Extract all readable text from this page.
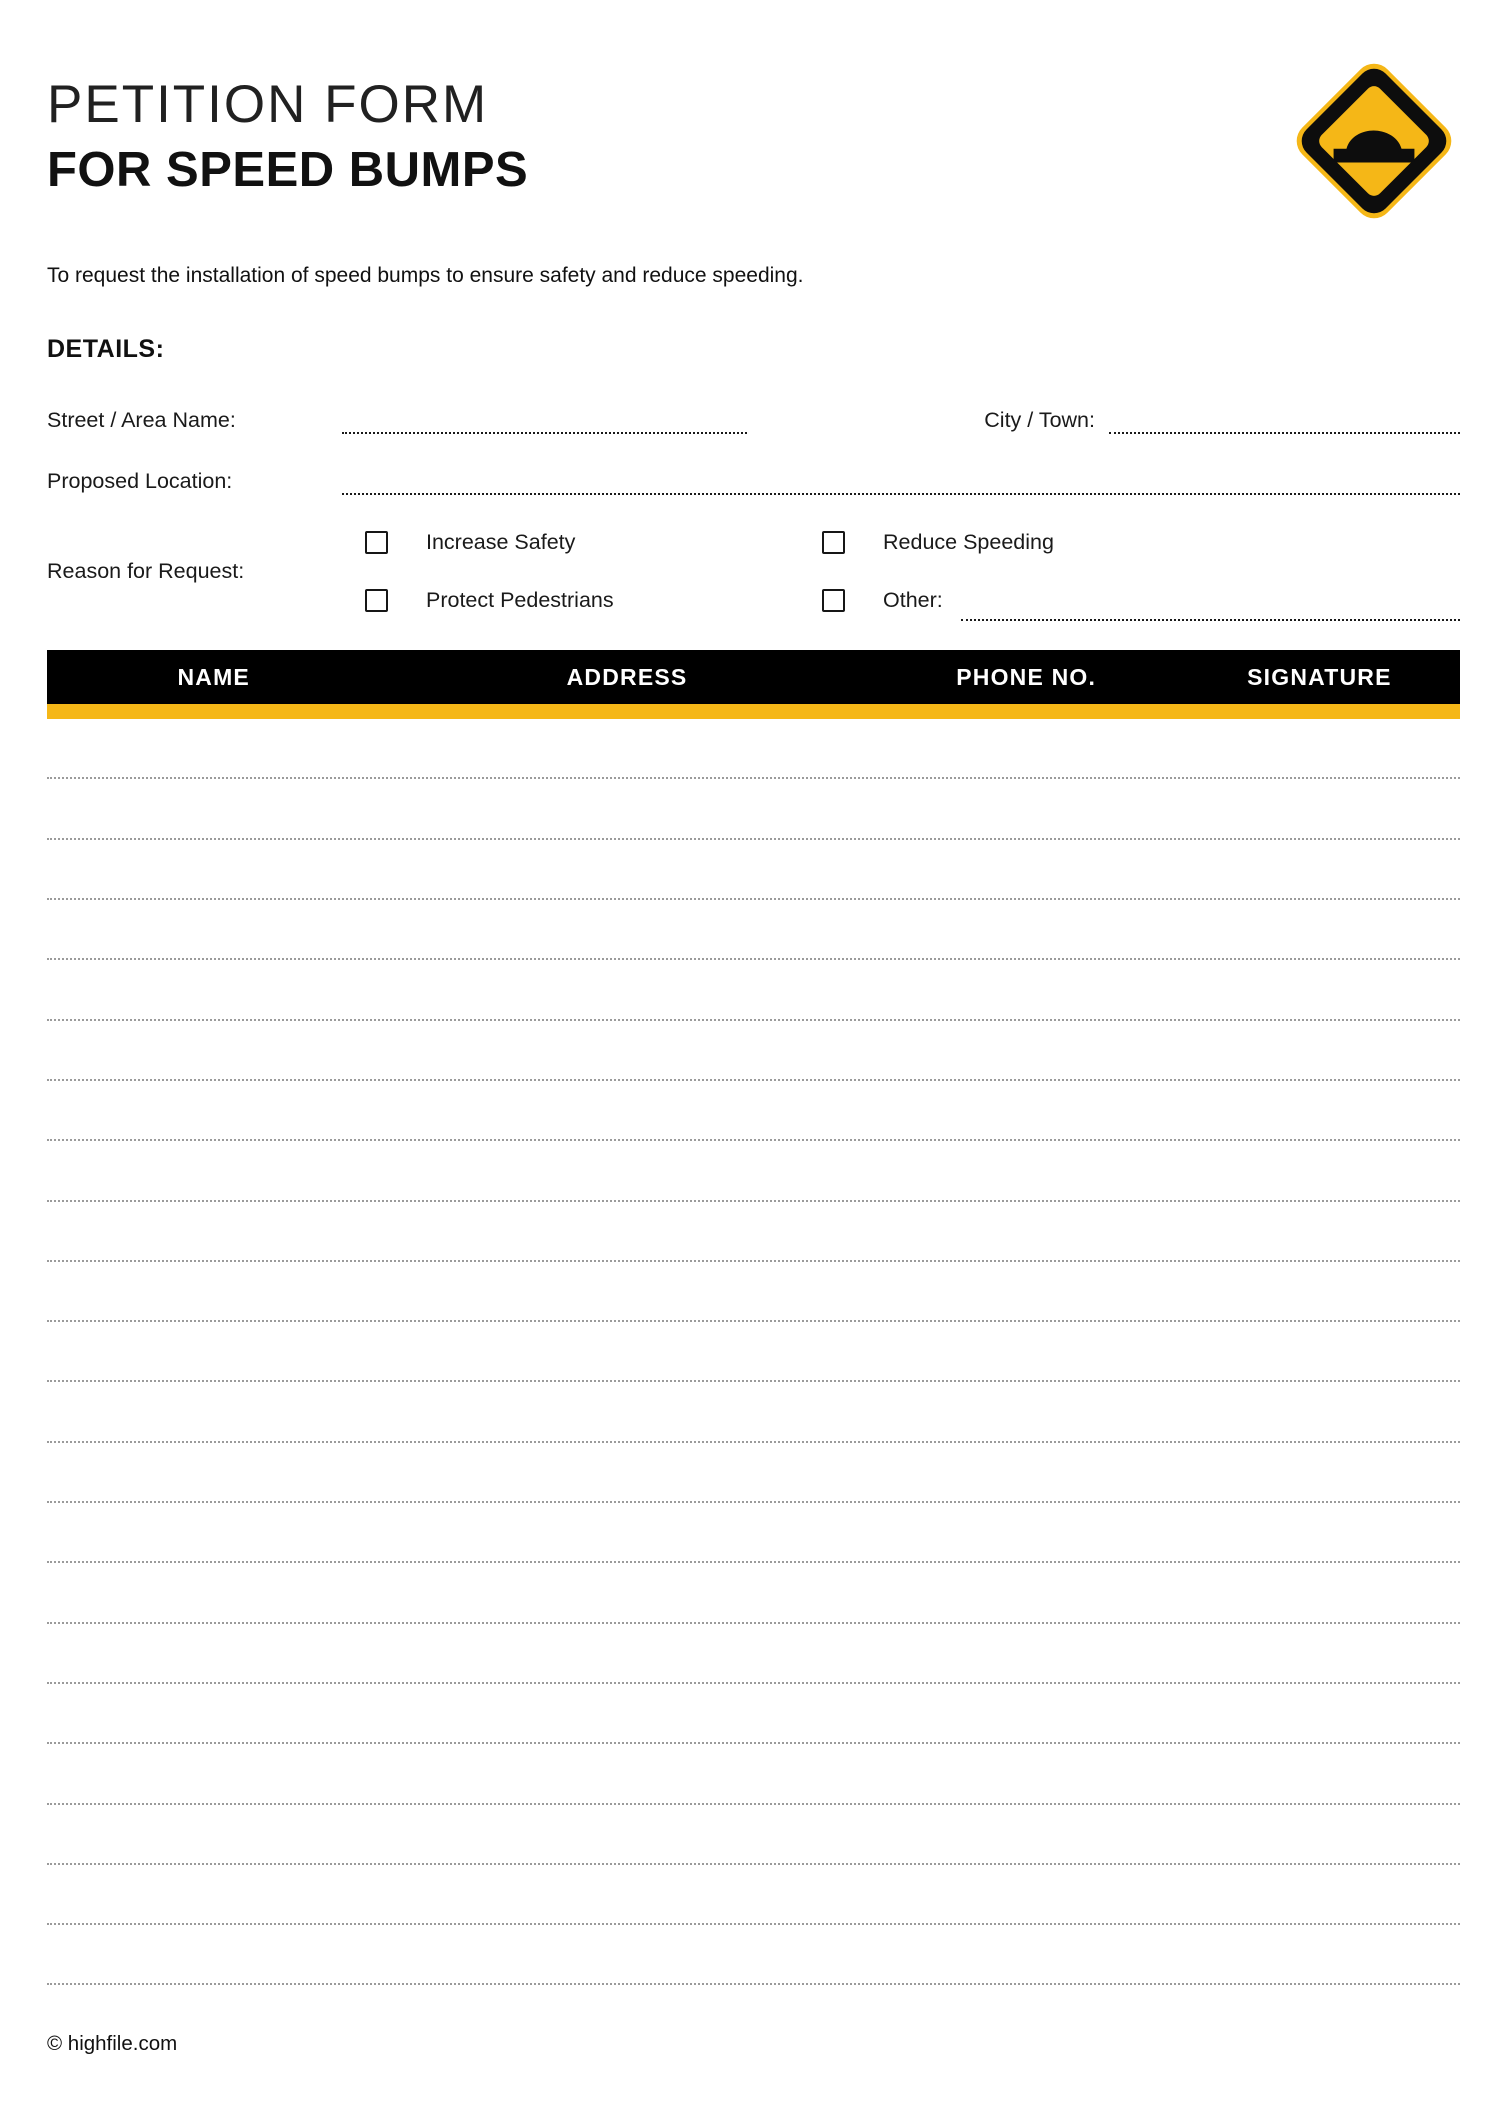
PETITION FORM
FOR SPEED BUMPS
To request the installation of speed bumps to ensure safety and reduce speeding.
DETAILS:
Street / Area Name:	City / Town:
Proposed Location:
Reason for Request:
Increase Safety	Reduce Speeding
Protect Pedestrians	Other:
NAME	ADDRESS	PHONE NO.	SIGNATURE
© highfile.com
